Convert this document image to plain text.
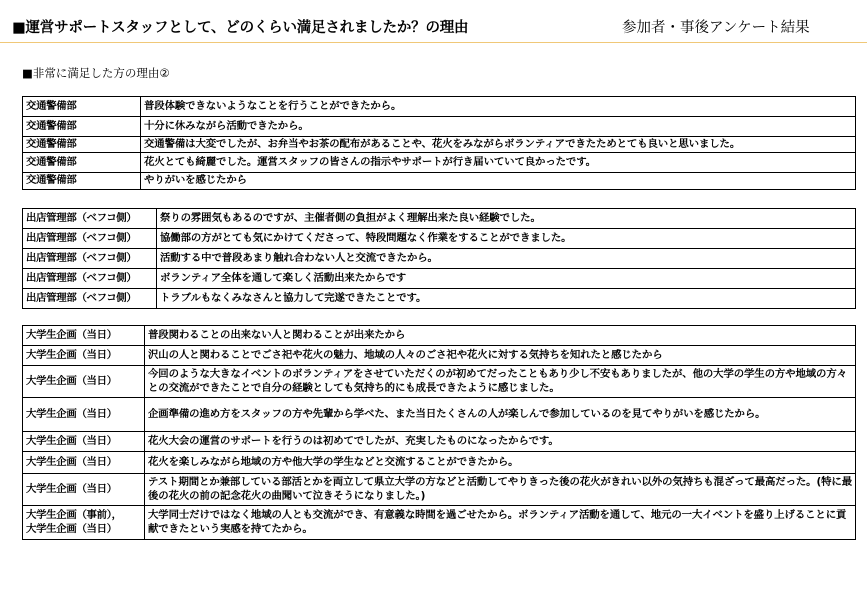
■運営サポートスタッフとして、どのくらい満足されましたか？の理由	参加者・事後アンケート結果
■非常に満足した方の理由②
交通警備部	普段体験できないようなことを行うことができたから。
交通警備部	十分に休みながら活動できたから。
交通警備部	交通警備は大変でしたが、お弁当やお茶の配布があることや、花火をみながらボランティアできたためとても良いと思いました。
交通警備部	花火とても綺麗でした。運営スタッフの皆さんの指示やサポートが行き届いていて良かったです。
交通警備部	やりがいを感じたから
出店管理部（ベフコ側）	祭りの雰囲気もあるのですが、主催者側の負担がよく理解出来た良い経験でした。
出店管理部（ベフコ側）	協働部の方がとても気にかけてくださって、特段問題なく作業をすることができました。
出店管理部（ベフコ側）	活動する中で普段あまり触れ合わない人と交流できたから。
出店管理部（ベフコ側）	ボランティア全体を通して楽しく活動出来たからです
出店管理部（ベフコ側）	トラブルもなくみなさんと協力して完遂できたことです。
大学生企画（当日）	普段関わることの出来ない人と関わることが出来たから
大学生企画（当日）	沢山の人と関わることでごさ祀や花火の魅力、地域の人々のごさ祀や花火に対する気持ちを知れたと感じたから
大学生企画（当日）	今回のような大きなイベントのボランティアをさせていただくのが初めてだったこともあり少し不安もありましたが、他の大学の学生の方や地域の方々との交流ができたことで自分の経験としても気持ち的にも成長できたように感じました。
大学生企画（当日）	企画準備の進め方をスタッフの方や先輩から学べた、また当日たくさんの人が楽しんで参加しているのを見てやりがいを感じたから。
大学生企画（当日）	花火大会の運営のサポートを行うのは初めてでしたが、充実したものになったからです。
大学生企画（当日）	花火を楽しみながら地域の方や他大学の学生などと交流することができたから。
大学生企画（当日）	テスト期間とか兼部している部活とかを両立して県立大学の方などと活動してやりきった後の花火がきれい以外の気持ちも混ざって最高だった。(特に最後の花火の前の記念花火の曲聞いて泣きそうになりました。)
大学生企画（事前），
大学生企画（当日）	大学同士だけではなく地域の人とも交流ができ、有意義な時間を過ごせたから。ボランティア活動を通して、地元の一大イベントを盛り上げることに貢献できたという実感を持てたから。
